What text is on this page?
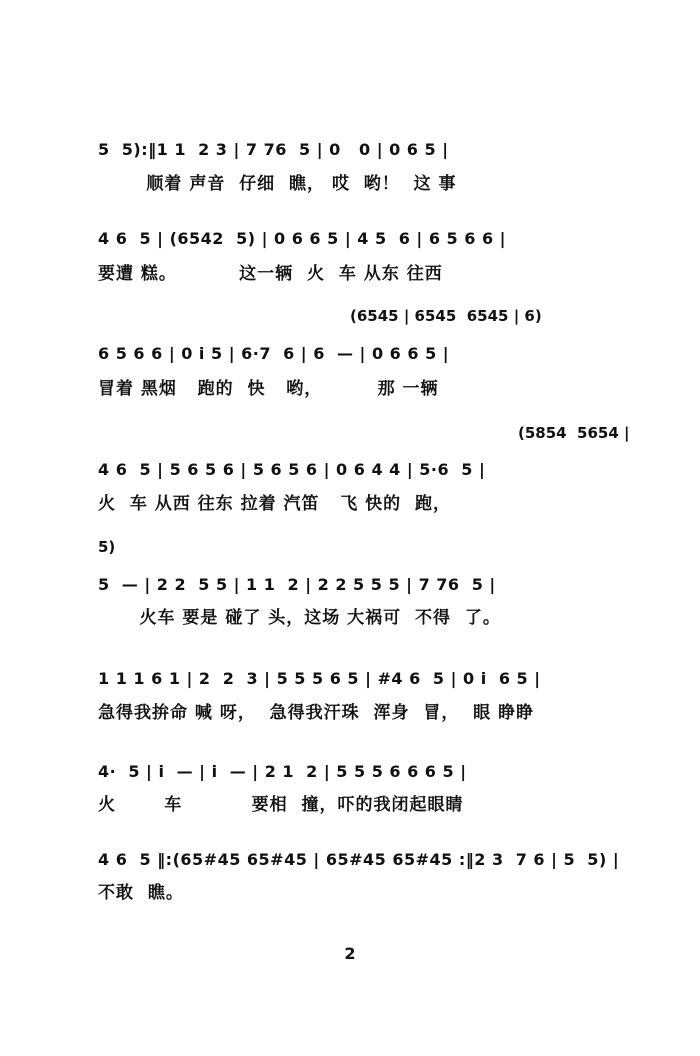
5  5):‖1 1  2 3 | 7 76  5 | 0   0 | 0 6 5 |
顺着 声音  仔细  瞧， 哎  哟！  这 事
4 6  5 | (6542  5) | 0 6 6 5 | 4 5  6 | 6 5 6 6 |
要遭 糕。         这一辆  火  车 从东 往西
(6545 | 6545  6545 | 6)
6 5 6 6 | 0 i 5 | 6·7  6 | 6  — | 0 6 6 5 |
冒着 黑烟   跑的  快   哟，        那 一辆
(5854  5654 |
4 6  5 | 5 6 5 6 | 5 6 5 6 | 0 6 4 4 | 5·6  5 |
火  车 从西 往东 拉着 汽笛   飞 快的  跑，
5)
5  — | 2 2  5 5 | 1 1  2 | 2 2 5 5 5 | 7 76  5 |
火车 要是 碰了 头，这场 大祸可  不得  了。
1 1 1 6 1 | 2  2  3 | 5 5 5 6 5 | #4 6  5 | 0 i  6 5 |
急得我拚命 喊 呀，  急得我汗珠  浑身  冒，  眼 睁睁
4·  5 | i  — | i  — | 2 1  2 | 5 5 5 6 6 6 5 |
火       车          要相  撞，吓的我闭起眼睛
4 6  5 ‖:(65#45 65#45 | 65#45 65#45 :‖2 3  7 6 | 5  5) |
不敢  瞧。
2
